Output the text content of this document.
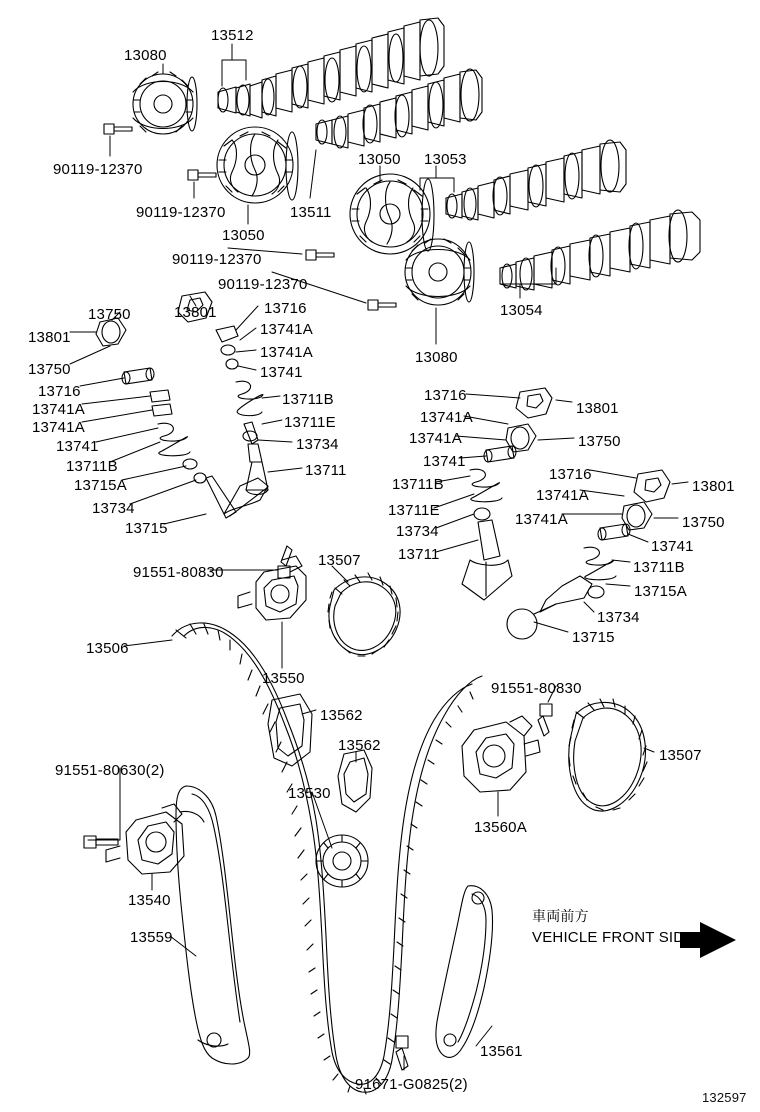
13512
13080
90119-12370
13050 13053
90119-12370	13511
13050
90119-12370
90119-12370
13080
13054
13801
13750	13716
13741A
13801
13741A
13750	13741
13716
13741A
13711B
13741A	13711E
13741	13734
13711B	13711
13715A
13734
13715
13716
13801
13741A
13741A	13750
13741
13716
13711B
13741A
13801
13711E
13741A	13750
13734
13741
13711
13711B
13715A
13734
13715
91551-80830
13507
13506
13550
91551-80830
13562
13562
13507
91551-80630(2)
13530
13560A
13540
13559
13561
91671-G0825(2)
車両前方
VEHICLE FRONT SIDE
132597
